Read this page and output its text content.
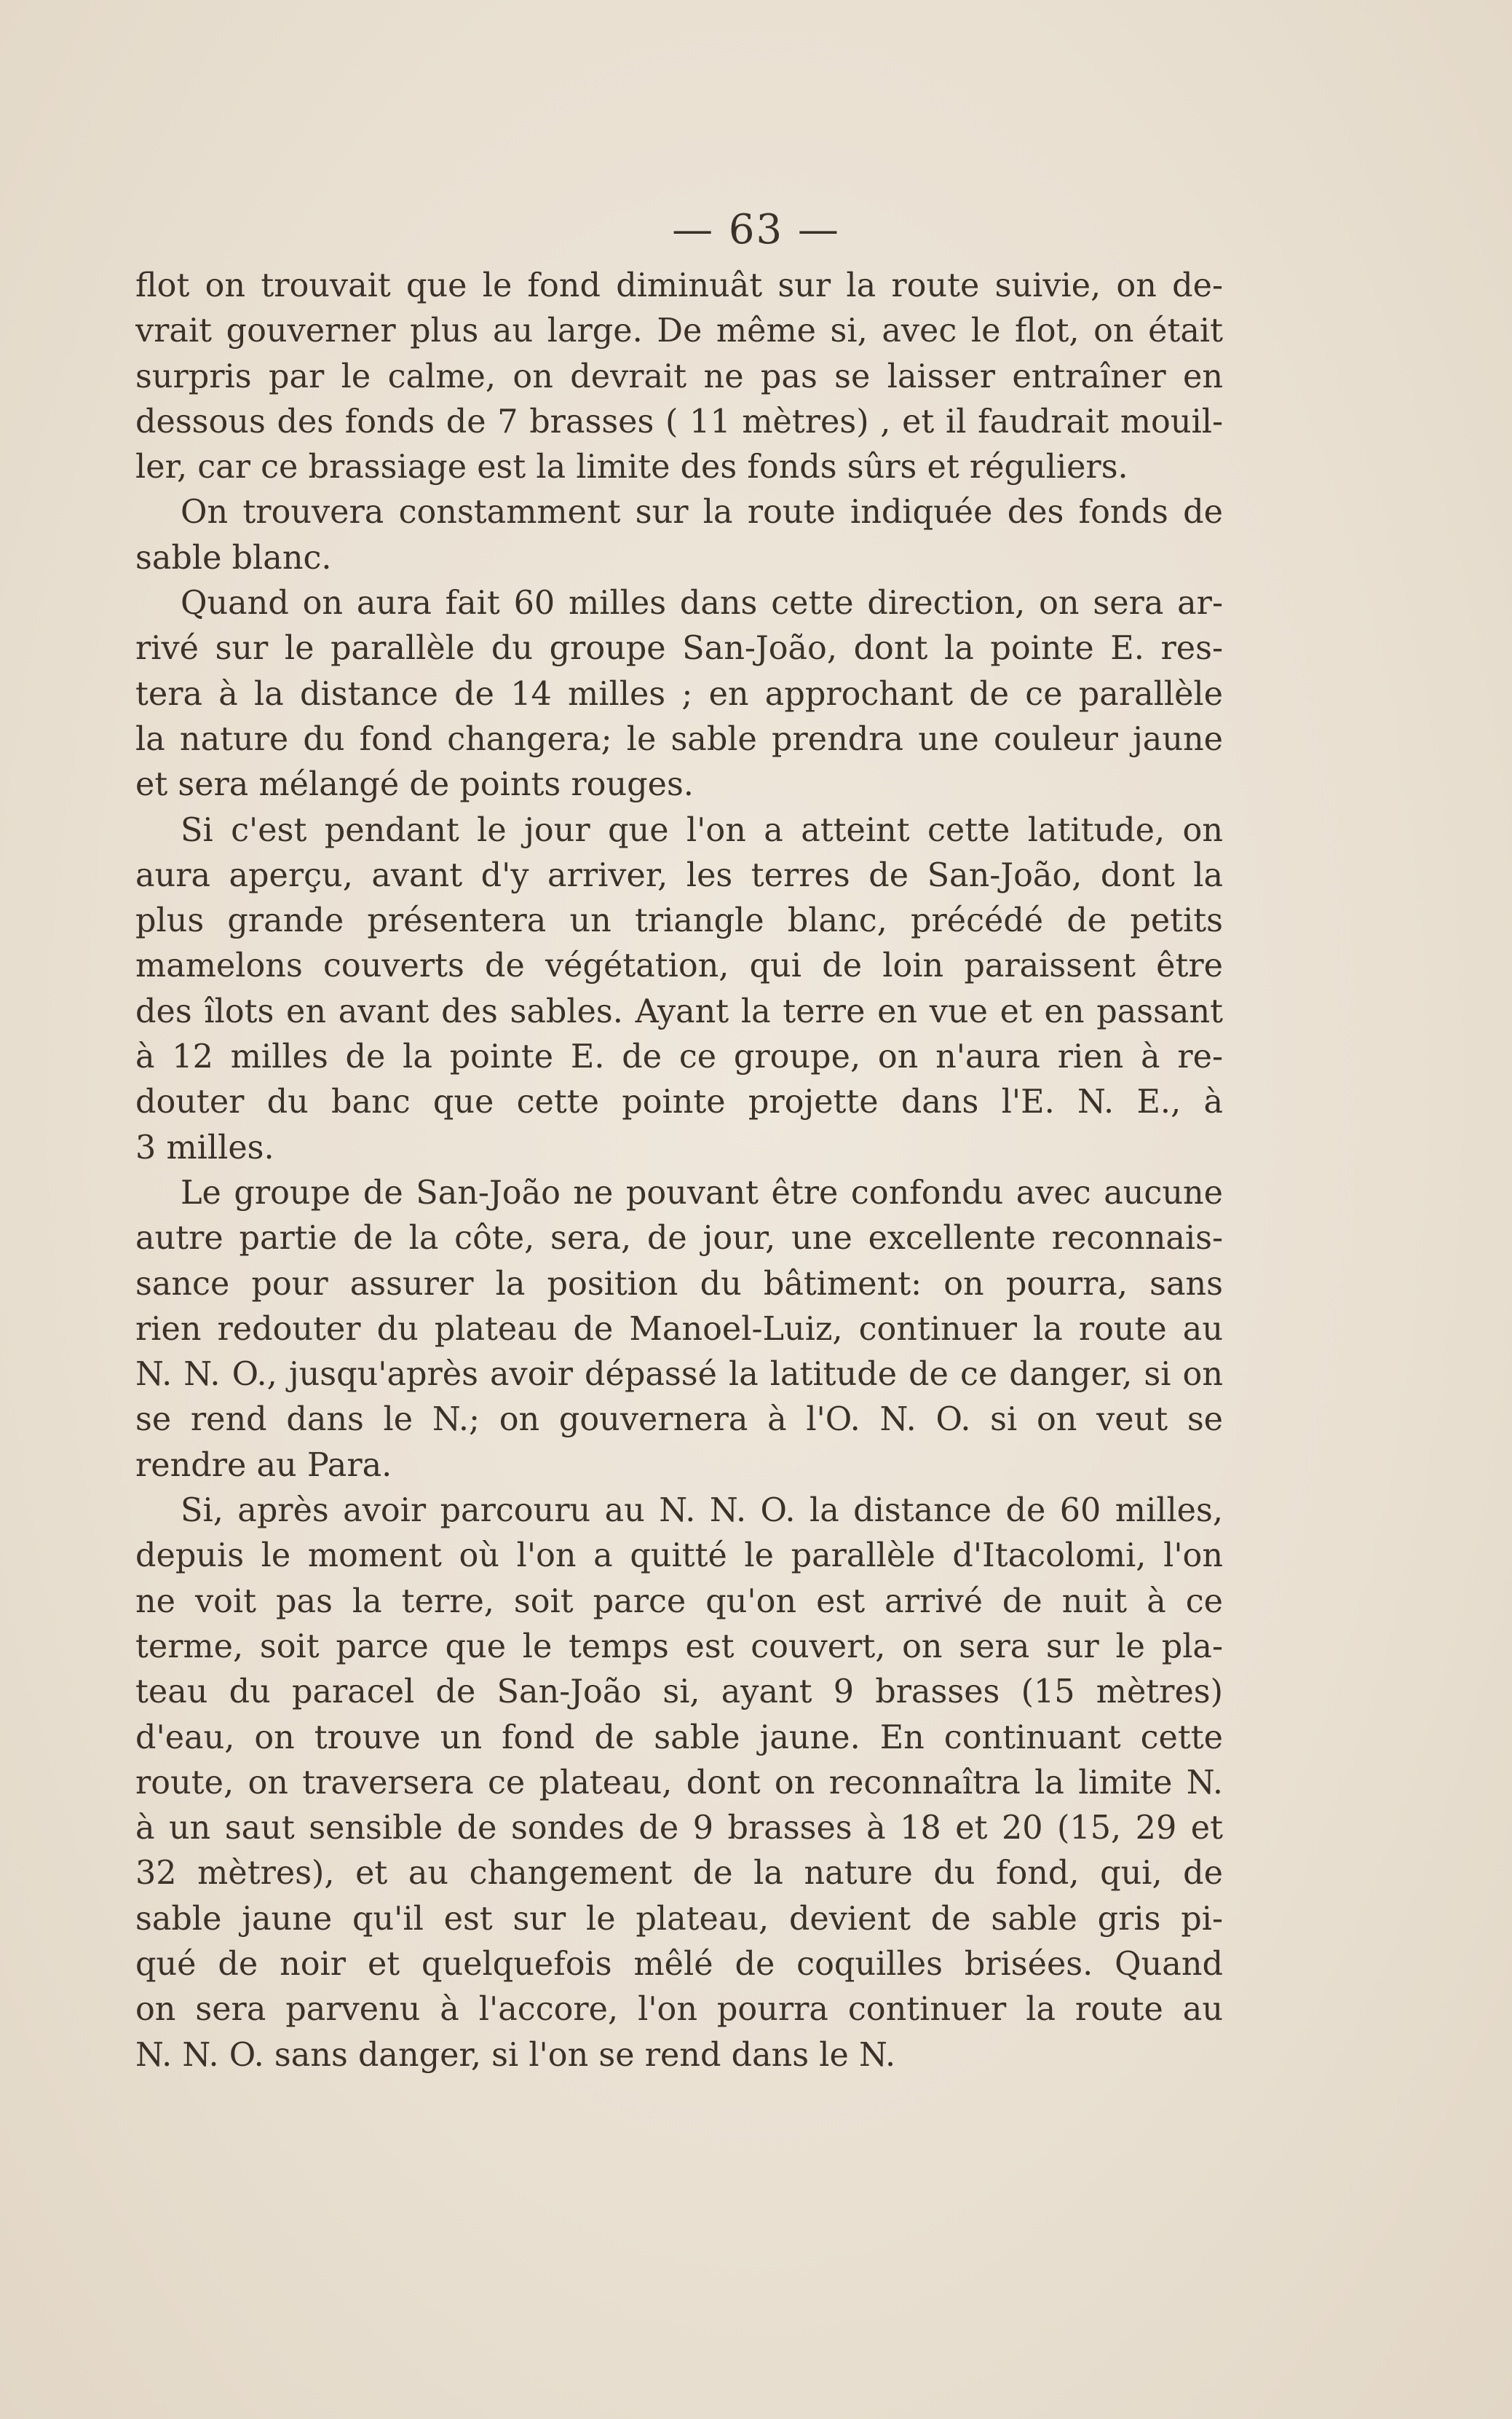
— 63 —
flot on trouvait que le fond diminuât sur la route suivie, on de-
vrait gouverner plus au large. De même si, avec le flot, on était
surpris par le calme, on devrait ne pas se laisser entraîner en
dessous des fonds de 7 brasses ( 11 mètres) , et il faudrait mouil-
ler, car ce brassiage est la limite des fonds sûrs et réguliers.
On trouvera constamment sur la route indiquée des fonds de
sable blanc.
Quand on aura fait 60 milles dans cette direction, on sera ar-
rivé sur le parallèle du groupe San-João, dont la pointe E. res-
tera à la distance de 14 milles ; en approchant de ce parallèle
la nature du fond changera; le sable prendra une couleur jaune
et sera mélangé de points rouges.
Si c'est pendant le jour que l'on a atteint cette latitude, on
aura aperçu, avant d'y arriver, les terres de San-João, dont la
plus grande présentera un triangle blanc, précédé de petits
mamelons couverts de végétation, qui de loin paraissent être
des îlots en avant des sables. Ayant la terre en vue et en passant
à 12 milles de la pointe E. de ce groupe, on n'aura rien à re-
douter du banc que cette pointe projette dans l'E. N. E., à
3 milles.
Le groupe de San-João ne pouvant être confondu avec aucune
autre partie de la côte, sera, de jour, une excellente reconnais-
sance pour assurer la position du bâtiment: on pourra, sans
rien redouter du plateau de Manoel-Luiz, continuer la route au
N. N. O., jusqu'après avoir dépassé la latitude de ce danger, si on
se rend dans le N.; on gouvernera à l'O. N. O. si on veut se
rendre au Para.
Si, après avoir parcouru au N. N. O. la distance de 60 milles,
depuis le moment où l'on a quitté le parallèle d'Itacolomi, l'on
ne voit pas la terre, soit parce qu'on est arrivé de nuit à ce
terme, soit parce que le temps est couvert, on sera sur le pla-
teau du paracel de San-João si, ayant 9 brasses (15 mètres)
d'eau, on trouve un fond de sable jaune. En continuant cette
route, on traversera ce plateau, dont on reconnaîtra la limite N.
à un saut sensible de sondes de 9 brasses à 18 et 20 (15, 29 et
32 mètres), et au changement de la nature du fond, qui, de
sable jaune qu'il est sur le plateau, devient de sable gris pi-
qué de noir et quelquefois mêlé de coquilles brisées. Quand
on sera parvenu à l'accore, l'on pourra continuer la route au
N. N. O. sans danger, si l'on se rend dans le N.
